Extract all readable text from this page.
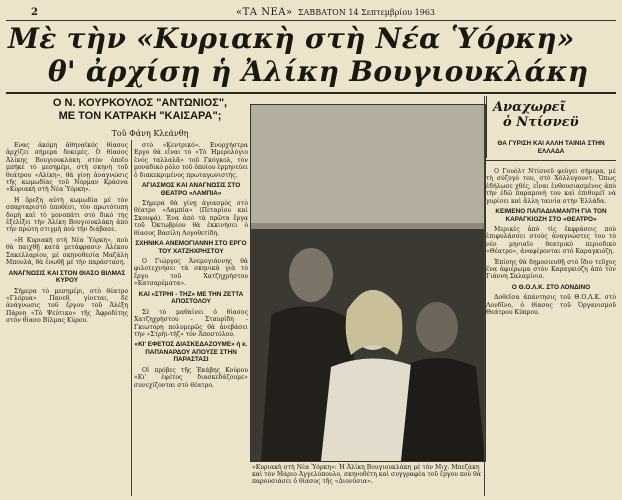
2	«ΤΑ ΝΕΑ» ΣΑΒΒΑΤΟΝ 14 Σεπτεμβρίου 1963
Μὲ τὴν «Κυριακὴ στὴ Νέα Ὑόρκη»
θ' ἀρχίσῃ ἡ Ἀλίκη Βουγιουκλάκη
Ο Ν. ΚΟΥΡΚΟΥΛΟΣ "ΑΝΤΩΝΙΟΣ",
ΜΕ ΤΟΝ ΚΑΤΡΑΚΗ "ΚΑΙΣΑΡΑ";
Τοῦ Φάνη Κλεάνθη

Ενας ἀκόμη ἀθηναϊκός θίασος ἀρχίζει σήμερα δοκιμές. Ο θίασος Ἀλίκης Βουγιουκλάκη στὸν ὁποῖο μπήκε τὸ μεσημέρι, στὴ σκηνὴ τοῦ θεάτρου «Αλίκη», θὰ γίνῃ ἀναγνώσις τῆς κωμωδίας τοῦ Νόρμαν Κράσνα «Κυριακὴ στὴ Νέα Ὑόρκη».

Η ὄρεξη αὐτὴ κωμωδία μὲ τὸν σπαρταριστὸ ὑποθέσι, τὸν πρωτότυπη δομὴ καὶ τὸ μονοπάτι στὸ δικό της ἐξελίξει τὴν Ἀλίκη Βουγιουκλάκη ἀπὸ τὴν πρώτη στιγμὴ ποὺ τὴν διάβασε.

«Η Κυριακὴ στὴ Νέα Ὑόρκη», ποὺ θὰ παιχθῇ κατὰ μετάφρασιν Αλέκου Σακελλαρίου, μὲ σκηνοθεσία Μαζάλη Μπουλά, θὰ ἑνωθῇ μὲ τὴν παράσταση.

ΑΝΑΓΝΩΣΙΣ ΚΑΙ ΣΤΟΝ ΘΙΑΣΟ ΒΙΛΜΑΣ ΚΥΡΟΥ

Σήμερα τὸ μεσημέρι, στὸ θέατρο «Γλόρυα» Πανεθ, γίνεται, δὲ ἀνάγνωσις τοῦ ἔργου τοῦ Ἀλέξη Πάρνη «Τὸ Ψεύτικο» τῆς Ἀφροδίτης στὸν θίασο Βίλμας Κύρου.

στὸ «Κεντρικό». Ενορχήστρα Εργο θὰ εἶναι τὸ «Τὸ Ἡμερολόγιο ἑνὸς ταλλαλᾶ» τοῦ Γκόγκολ, τὸν μοναδικὸ ρόλο τοῦ ὁποίου ἑρμηνεύει ὁ διακεκριμένος πρωταγωνιστής.

ΑΓΙΑΣΜΟΣ ΚΑΙ ΑΝΑΓΝΩΣΙΣ ΣΤΟ ΘΕΑΤΡΟ «ΛΑΜΠΙΑ»

Σήμερα θὰ γίνῃ ἁγιασμὸς στὸ θέατρο «Λαμπία» (Πεταρίου καὶ Σκουφά). Ἐνα ἀπὸ τὰ πρῶτα ἔργα τοῦ Ὀκτωβρίου θὰ ἐκκινήσει ὁ θίασος Βασίλη Λογοθετίδη.

ΣΧΗΝΙΚΑ ΑΝΕΜΟΓΙΑΝΝΗ ΣΤΟ ΕΡΓΟ ΤΟΥ ΧΑΤΖΗΧΡΗΣΤΟΥ

Ο Γιώργος Ἀνεμογιάννης θὰ φιλοτεχνήσει τὰ σκηνικὰ γιὰ τὸ ἔργο τοῦ Χατζηχρήστου «Κατσαρέματα».

ΚΑΙ «ΣΤΡΗΙ - ΤΗΖ» ΜΕ ΤΗΝ ΖΕΤΤΑ ΑΠΟΣΤΟΛΟΥ

Σὲ τὸ μαθαίνει ὁ θίασος Χατζηχρήστου - Σταυρίδη - Γκιωτόρη πολυμερῶς θὰ ἀνεβάσει τὴν «Στρήι-τήζ» τὸν Ἀποστόλου.

«ΚΙ' ΕΦΕΤΟΣ ΔΙΑΣΚΕΔΑΖΟΥΜΕ» ἡ κ. ΠΑΠΑΝΑΡΔΟΥ ΑΠΟΥΣΕ ΣΤΗΝ ΠΑΡΑΣΤΑΣΙ

Οἱ πρόβες τῆς Ἐκάβης Κούρου «Κι' ἐφέτος διασκεδάζουμε» συνεχίζονται στὸ θέατρο.

«Κυριακὴ στὴ Νέα Ὑόρκη»: Ἡ Ἀλίκη Βουγιουκλάκη μὲ τὸν Μιχ. Μπεζάκη καὶ τὸν Μάριο Ἀγγελόπουλο, σκηνοθέτη καὶ συγγραφέα τοῦ ἔργου ποὺ θὰ παρουσιάσει ὁ θίασος τῆς «Διονύσια».
Αναχωρεῖ
ὁ Ντίσνεϋ
ΘΑ ΓΥΡΙΣΗ ΚΑΙ ΑΛΛΗ ΤΑΙΝΙΑ ΣΤΗΝ ΕΛΛΑΔΑ

Ο Γουόλτ Ντίσνεϋ φεύγει σήμερα, μὲ τὴ σύζυγό του, στὸ Χόλλυγουντ. Ὅπως ἐδήλωσε χθές, εἶναι ἐνθουσιασμένος ἀπὸ τὴν ἐδῶ παραμονή του καὶ ἐπιθυμεῖ νὰ γυρίσει καὶ ἄλλη ταινία στὴν Ἑλλάδα.

ΚΕΙΜΕΝΟ ΠΑΠΑΔΙΑΜΑΝΤΗ ΓΙΑ ΤΟΝ ΚΑΡΑΓΚΙΟΖΗ ΣΤΟ «ΘΕΑΤΡΟ»

Μερικές ἀπὸ τὶς ἐκφράσεις ποὺ ἐπιφυλάσσει στοὺς ἀναγνώστες του τὸ νέο μηνιαῖο θεατρικὸ περιοδικὸ «Θέατρο», ἀναφέρονται στὸ Καραγκιόζη.

Ἐπίσης θὰ δημοσιευθῇ στὸ ἴδιο τεῦχος ἕνα ἀφιέρωμα στὸν Καραγκιόζη ἀπὸ τὸν Γιάννη Σαλαμίνιο.

Ο Θ.Ο.Λ.Κ. ΣΤΟ ΛΟΝΔΙΝΟ

Δοθεῖσα ἀπάντησις τοῦ Θ.Ο.Λ.Κ. στὸ Λονδῖνο, ὁ θίασος τοῦ Ὀργανισμοῦ Θεάτρου Κύπρου.
